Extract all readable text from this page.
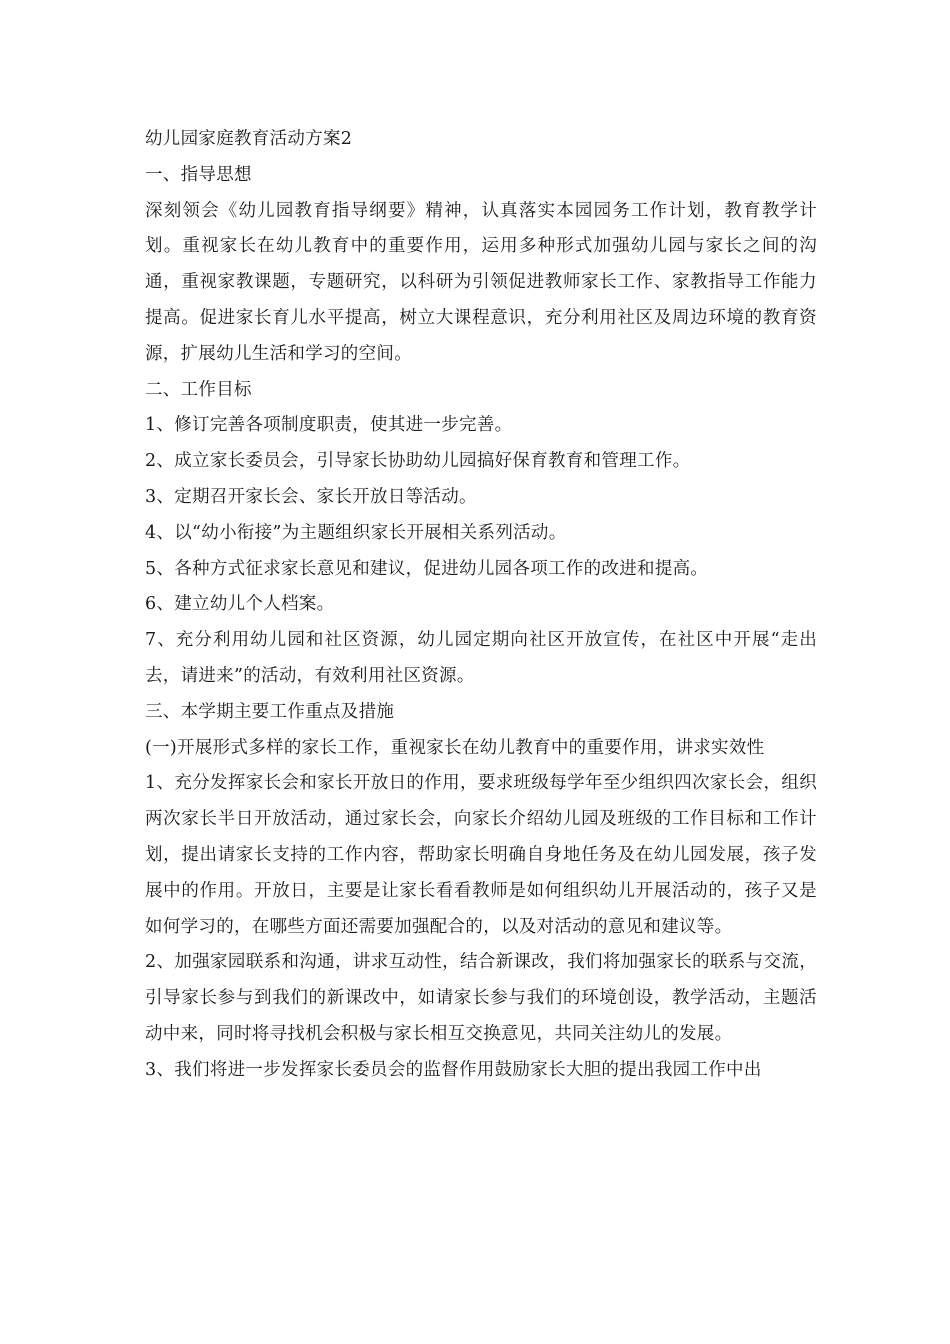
幼儿园家庭教育活动方案2

一、指导思想

深刻领会《幼儿园教育指导纲要》精神，认真落实本园园务工作计划，教育教学计划。重视家长在幼儿教育中的重要作用，运用多种形式加强幼儿园与家长之间的沟通，重视家教课题，专题研究，以科研为引领促进教师家长工作、家教指导工作能力提高。促进家长育儿水平提高，树立大课程意识，充分利用社区及周边环境的教育资源，扩展幼儿生活和学习的空间。

二、工作目标

1、修订完善各项制度职责，使其进一步完善。

2、成立家长委员会，引导家长协助幼儿园搞好保育教育和管理工作。

3、定期召开家长会、家长开放日等活动。

4、以“幼小衔接”为主题组织家长开展相关系列活动。

5、各种方式征求家长意见和建议，促进幼儿园各项工作的改进和提高。

6、建立幼儿个人档案。

7、充分利用幼儿园和社区资源，幼儿园定期向社区开放宣传，在社区中开展“走出去，请进来”的活动，有效利用社区资源。

三、本学期主要工作重点及措施

(一)开展形式多样的家长工作，重视家长在幼儿教育中的重要作用，讲求实效性

1、充分发挥家长会和家长开放日的作用，要求班级每学年至少组织四次家长会，组织两次家长半日开放活动，通过家长会，向家长介绍幼儿园及班级的工作目标和工作计划，提出请家长支持的工作内容，帮助家长明确自身地任务及在幼儿园发展，孩子发展中的作用。开放日，主要是让家长看看教师是如何组织幼儿开展活动的，孩子又是如何学习的，在哪些方面还需要加强配合的，以及对活动的意见和建议等。

2、加强家园联系和沟通，讲求互动性，结合新课改，我们将加强家长的联系与交流，引导家长参与到我们的新课改中，如请家长参与我们的环境创设，教学活动，主题活动中来，同时将寻找机会积极与家长相互交换意见，共同关注幼儿的发展。

3、我们将进一步发挥家长委员会的监督作用鼓励家长大胆的提出我园工作中出
